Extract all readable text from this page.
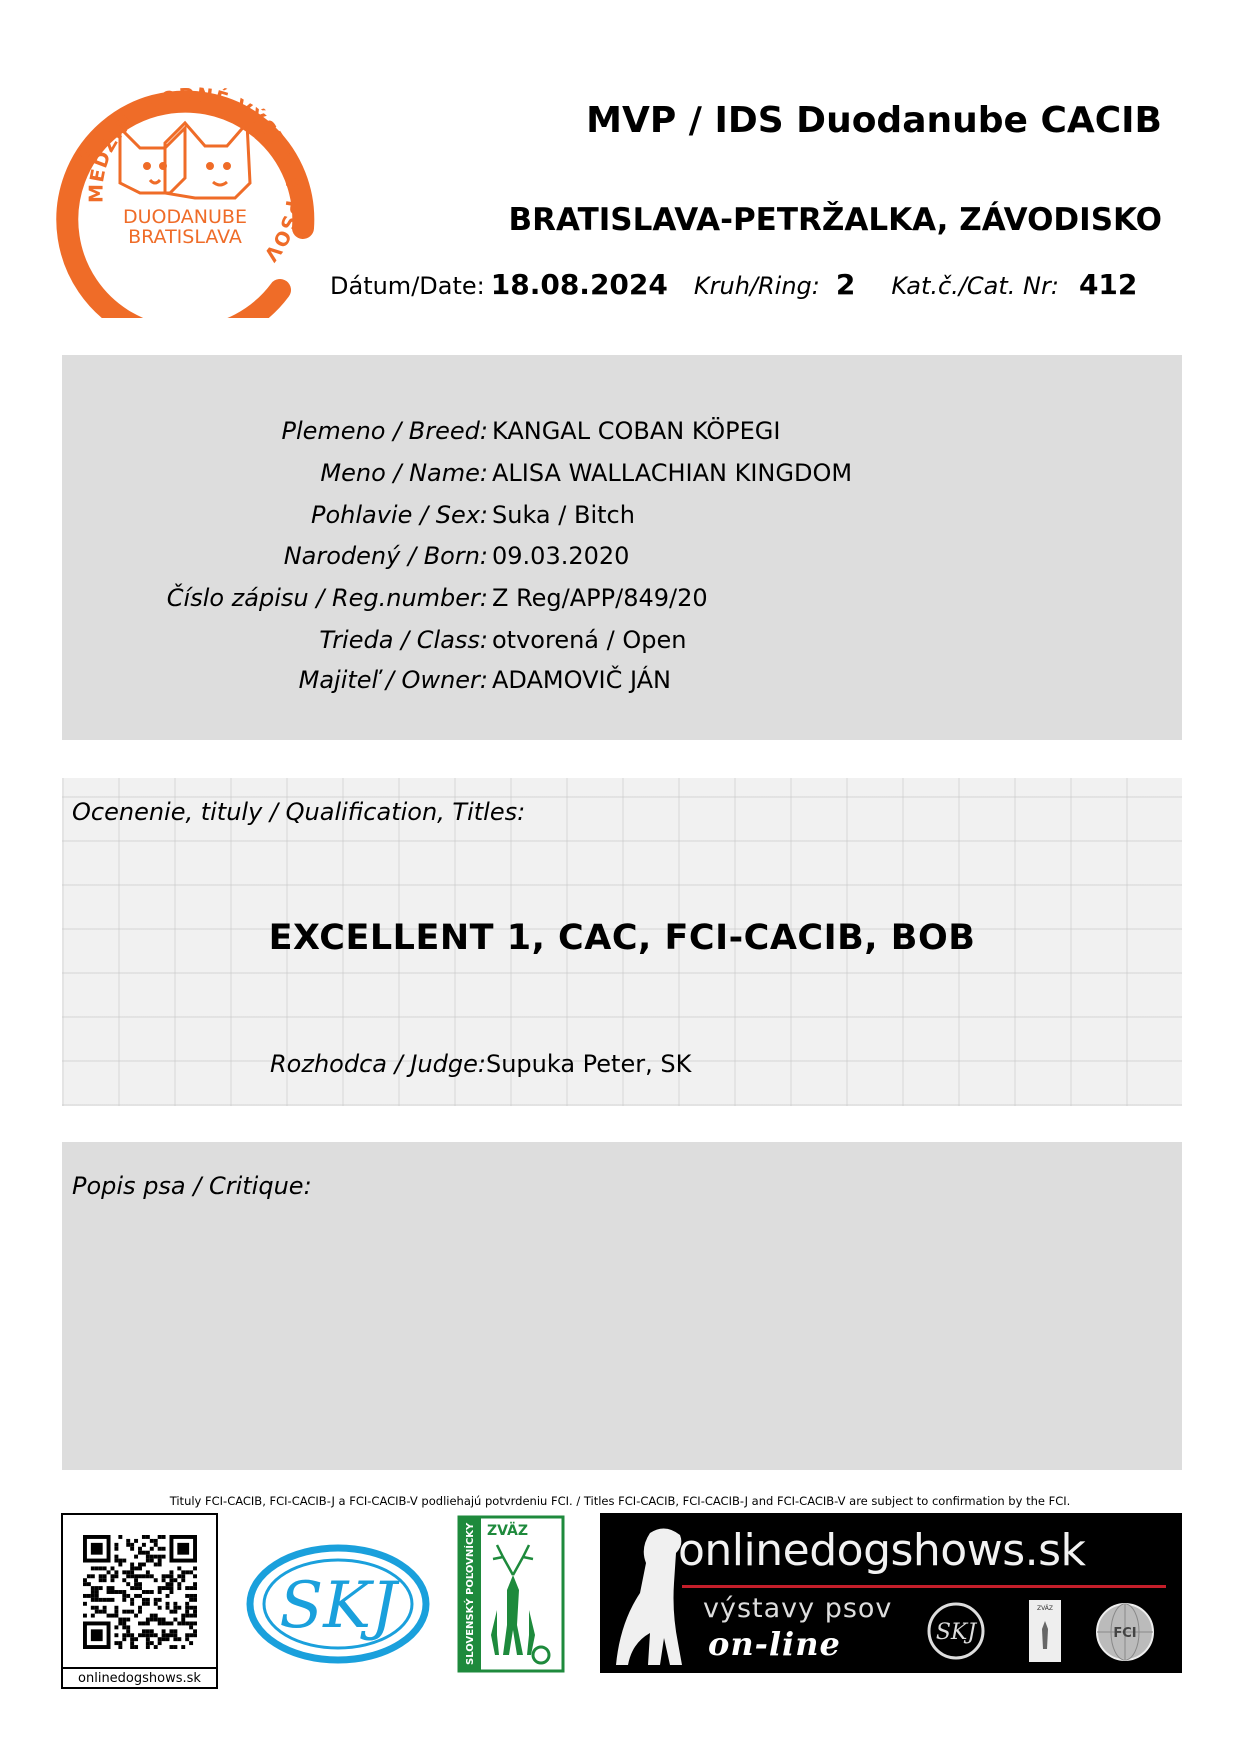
MEDZINÁRODNÉ VÝSTAVY PSOV
®
DUODANUBE
BRATISLAVA
MVP / IDS Duodanube CACIB
BRATISLAVA-PETRŽALKA, ZÁVODISKO
Dátum/Date: 18.08.2024 Kruh/Ring: 2 Kat.č./Cat. Nr: 412
Plemeno / Breed: KANGAL COBAN KÖPEGI
Meno / Name: ALISA WALLACHIAN KINGDOM
Pohlavie / Sex: Suka / Bitch
Narodený / Born: 09.03.2020
Číslo zápisu / Reg.number: Z Reg/APP/849/20
Trieda / Class: otvorená / Open
Majiteľ / Owner: ADAMOVIČ JÁN
Ocenenie, tituly / Qualification, Titles:
EXCELLENT 1, CAC, FCI-CACIB, BOB
Rozhodca / Judge:Supuka Peter, SK
Popis psa / Critique:
Tituly FCI-CACIB, FCI-CACIB-J a FCI-CACIB-V podliehajú potvrdeniu FCI. / Titles FCI-CACIB, FCI-CACIB-J and FCI-CACIB-V are subject to confirmation by the FCI.
onlinedogshows.sk
SKJ	SLOVENSKÝ POĽOVNÍCKY ZVÄZ	onlinedogshows.sk
výstavy psov
on-line	SKJ
ZVÄZ
FCI
